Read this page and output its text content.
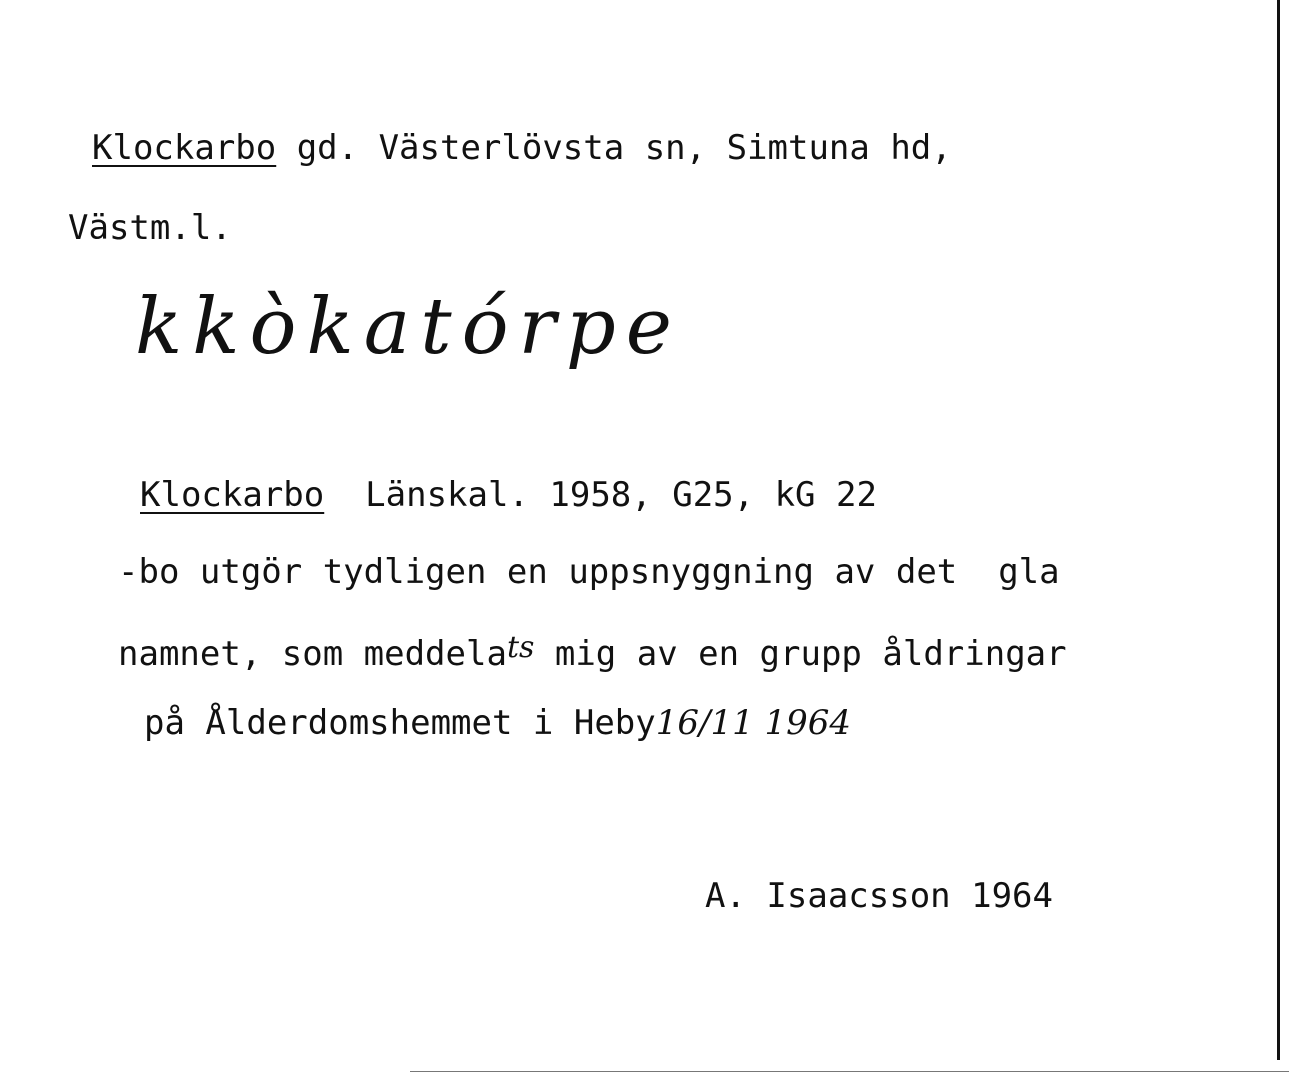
Klockarbo gd. Västerlövsta sn, Simtuna hd,
Västm.l.
kkòkatórpe
Klockarbo  Länskal. 1958, G25, kG 22
-bo utgör tydligen en uppsnyggning av det  gla
namnet, som meddelats mig av en grupp åldringar
på Ålderdomshemmet i Heby16/11 1964
A. Isaacsson 1964
